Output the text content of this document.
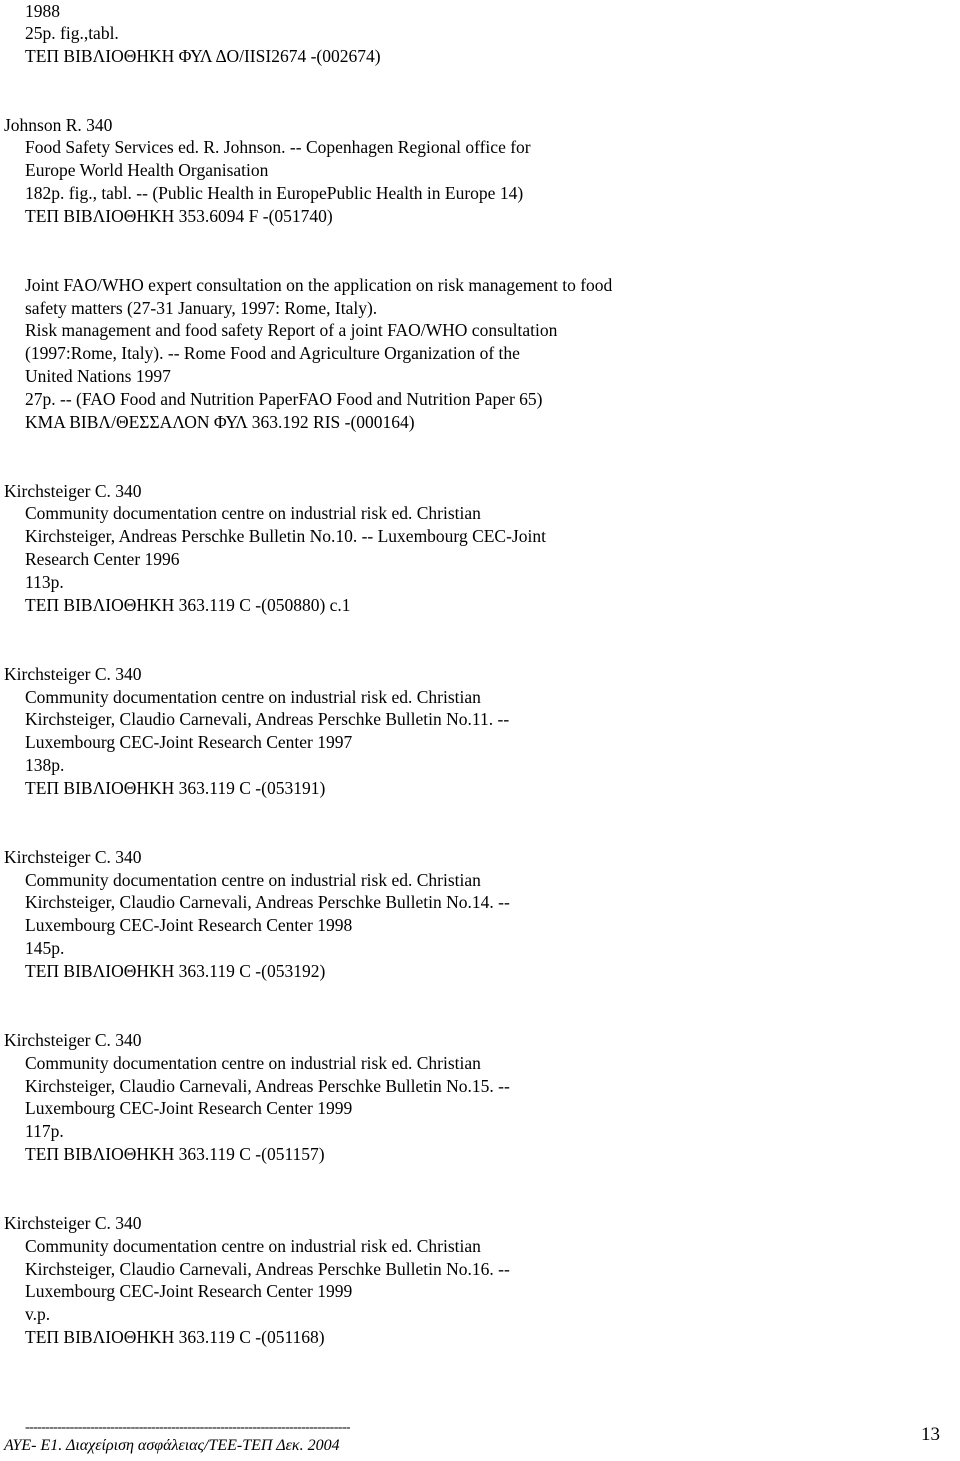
1988
25p. fig.,tabl.
ΤΕΠ ΒΙΒΛΙΟΘΗΚΗ ΦΥΛ ΔΟ/ΙΙSI2674 -(002674)
Johnson R. 340
Food Safety Services ed. R. Johnson. -- Copenhagen Regional office for
Europe World Health Organisation
182p. fig., tabl. -- (Public Health in EuropePublic Health in Europe 14)
ΤΕΠ ΒΙΒΛΙΟΘΗΚΗ 353.6094 F -(051740)
Joint FAO/WHO expert consultation on the application on risk management to food
safety matters (27-31 January, 1997: Rome, Italy).
Risk management and food safety Report of a joint FAO/WHO consultation
(1997:Rome, Italy). -- Rome Food and Agriculture Organization of the
United Nations 1997
27p. -- (FAO Food and Nutrition PaperFAO Food and Nutrition Paper 65)
ΚΜΑ ΒΙΒΛ/ΘΕΣΣΑΛΟΝ ΦΥΛ 363.192 RIS -(000164)
Kirchsteiger C. 340
Community documentation centre on industrial risk ed. Christian
Kirchsteiger, Andreas Perschke Bulletin No.10. -- Luxembourg CEC-Joint
Research Center 1996
113p.
ΤΕΠ ΒΙΒΛΙΟΘΗΚΗ 363.119 C -(050880) c.1
Kirchsteiger C. 340
Community documentation centre on industrial risk ed. Christian
Kirchsteiger, Claudio Carnevali, Andreas Perschke Bulletin No.11. --
Luxembourg CEC-Joint Research Center 1997
138p.
ΤΕΠ ΒΙΒΛΙΟΘΗΚΗ 363.119 C -(053191)
Kirchsteiger C. 340
Community documentation centre on industrial risk ed. Christian
Kirchsteiger, Claudio Carnevali, Andreas Perschke Bulletin No.14. --
Luxembourg CEC-Joint Research Center 1998
145p.
ΤΕΠ ΒΙΒΛΙΟΘΗΚΗ 363.119 C -(053192)
Kirchsteiger C. 340
Community documentation centre on industrial risk ed. Christian
Kirchsteiger, Claudio Carnevali, Andreas Perschke Bulletin No.15. --
Luxembourg CEC-Joint Research Center 1999
117p.
ΤΕΠ ΒΙΒΛΙΟΘΗΚΗ 363.119 C -(051157)
Kirchsteiger C. 340
Community documentation centre on industrial risk ed. Christian
Kirchsteiger, Claudio Carnevali, Andreas Perschke Bulletin No.16. --
Luxembourg CEC-Joint Research Center 1999
v.p.
ΤΕΠ ΒΙΒΛΙΟΘΗΚΗ 363.119 C -(051168)
--------------------------------------------------------------------------------
ΑΥΕ- Ε1. Διαχείριση ασφάλειας/ΤΕΕ-ΤΕΠ Δεκ. 2004
13
